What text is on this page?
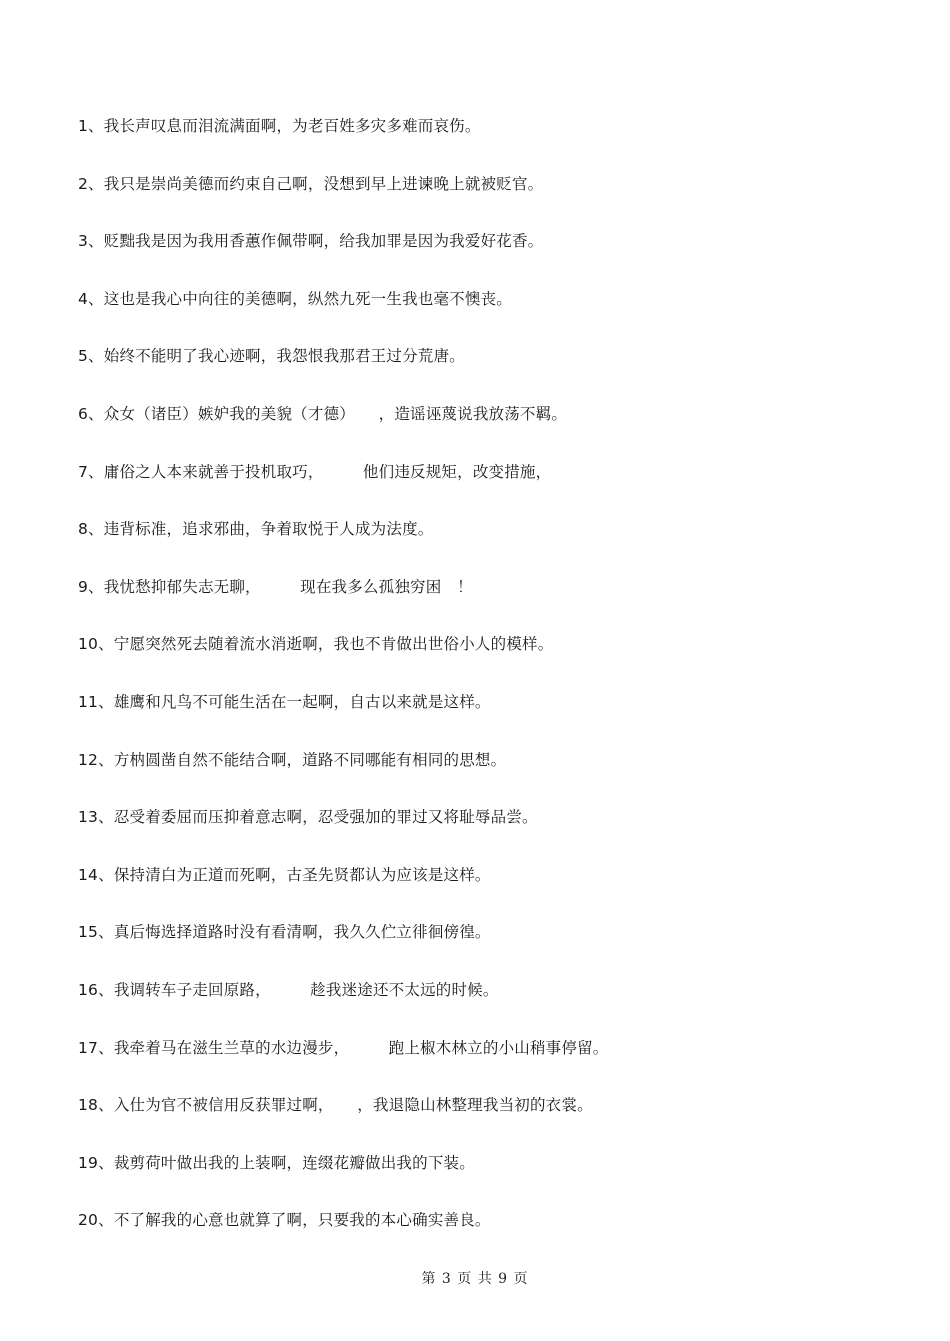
1、我长声叹息而泪流满面啊，为老百姓多灾多难而哀伤。
2、我只是崇尚美德而约束自己啊，没想到早上进谏晚上就被贬官。
3、贬黜我是因为我用香蕙作佩带啊，给我加罪是因为我爱好花香。
4、这也是我心中向往的美德啊，纵然九死一生我也毫不懊丧。
5、始终不能明了我心迹啊，我怨恨我那君王过分荒唐。
6、众女（诸臣）嫉妒我的美貌（才德）　　，造谣诬蔑说我放荡不羁。
7、庸俗之人本来就善于投机取巧，　　　他们违反规矩，改变措施，
8、违背标准，追求邪曲，争着取悦于人成为法度。
9、我忧愁抑郁失志无聊，　　　现在我多么孤独穷困　！
10、宁愿突然死去随着流水消逝啊，我也不肯做出世俗小人的模样。
11、雄鹰和凡鸟不可能生活在一起啊，自古以来就是这样。
12、方枘圆凿自然不能结合啊，道路不同哪能有相同的思想。
13、忍受着委屈而压抑着意志啊，忍受强加的罪过又将耻辱品尝。
14、保持清白为正道而死啊，古圣先贤都认为应该是这样。
15、真后悔选择道路时没有看清啊，我久久伫立徘徊傍徨。
16、我调转车子走回原路，　　　趁我迷途还不太远的时候。
17、我牵着马在滋生兰草的水边漫步，　　　跑上椒木林立的小山稍事停留。
18、入仕为官不被信用反获罪过啊，　　，我退隐山林整理我当初的衣裳。
19、裁剪荷叶做出我的上装啊，连缀花瓣做出我的下装。
20、不了解我的心意也就算了啊，只要我的本心确实善良。
第 3 页 共 9 页
